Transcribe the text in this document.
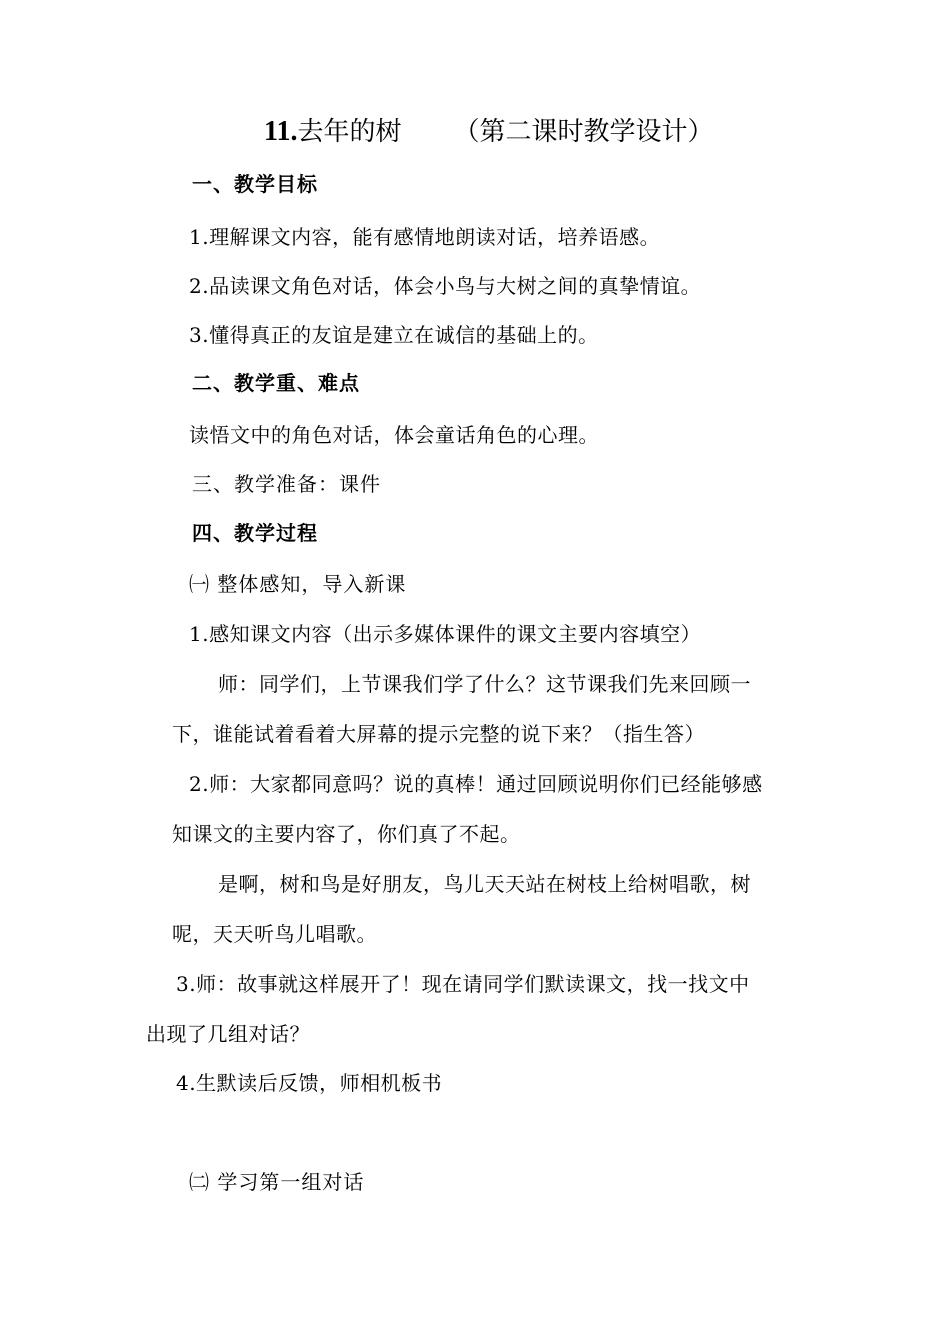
11.去年的树 （第二课时教学设计）
一、教学目标
1.理解课文内容，能有感情地朗读对话，培养语感。
2.品读课文角色对话，体会小鸟与大树之间的真挚情谊。
3.懂得真正的友谊是建立在诚信的基础上的。
二、教学重、难点
读悟文中的角色对话，体会童话角色的心理。
三、教学准备：课件
四、教学过程
㈠ 整体感知，导入新课
1.感知课文内容（出示多媒体课件的课文主要内容填空）
师：同学们，上节课我们学了什么？这节课我们先来回顾一
下，谁能试着看着大屏幕的提示完整的说下来？（指生答）
2.师：大家都同意吗？说的真棒！通过回顾说明你们已经能够感
知课文的主要内容了，你们真了不起。
是啊，树和鸟是好朋友，鸟儿天天站在树枝上给树唱歌，树
呢，天天听鸟儿唱歌。
3.师：故事就这样展开了！现在请同学们默读课文，找一找文中
出现了几组对话？
4.生默读后反馈，师相机板书
㈡ 学习第一组对话
